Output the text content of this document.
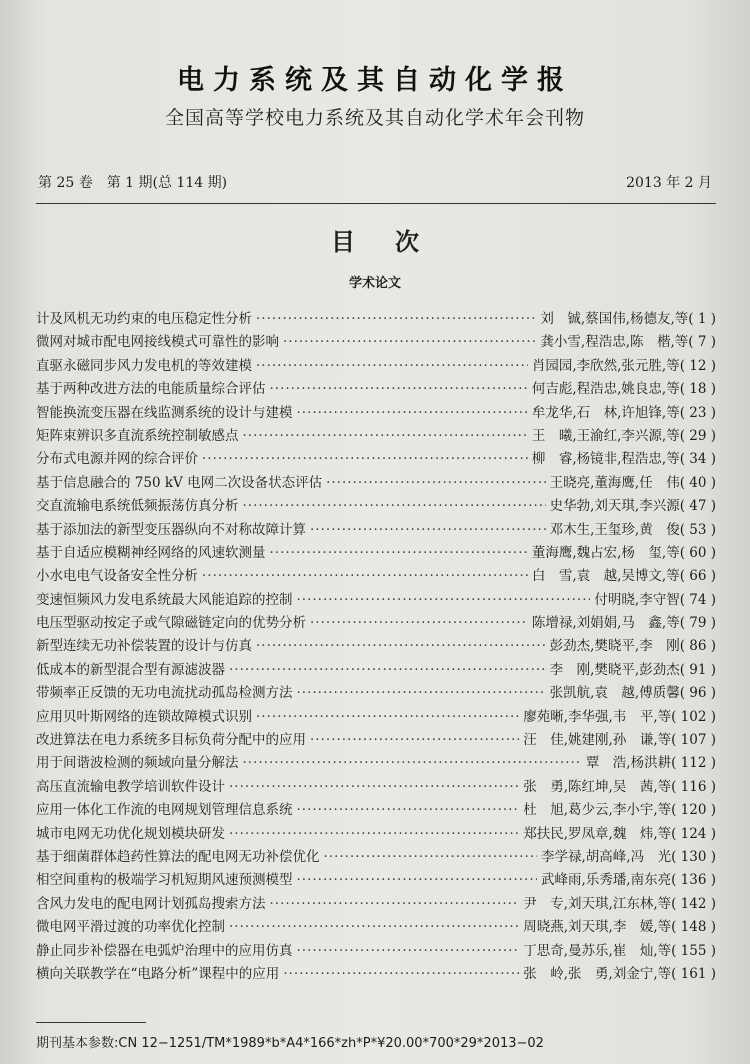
电力系统及其自动化学报
全国高等学校电力系统及其自动化学术年会刊物
第 25 卷　第 1 期(总 114 期)	2013 年 2 月
目次
学术论文
计及风机无功约束的电压稳定性分析 ·····	刘　铖,蔡国伟,杨德友,等 ( 1 )
微网对城市配电网接线模式可靠性的影响 ·····	龚小雪,程浩忠,陈　楷,等 ( 7 )
直驱永磁同步风力发电机的等效建模 ·····	肖园园,李欣然,张元胜,等 ( 12 )
基于两种改进方法的电能质量综合评估 ·····	何吉彪,程浩忠,姚良忠,等 ( 18 )
智能换流变压器在线监测系统的设计与建模 ·····	牟龙华,石　林,许旭锋,等 ( 23 )
矩阵束辨识多直流系统控制敏感点 ·····	王　曦,王渝红,李兴源,等 ( 29 )
分布式电源并网的综合评价 ·····	柳　睿,杨镜非,程浩忠,等 ( 34 )
基于信息融合的 750 kV 电网二次设备状态评估 ·····	王晓亮,董海鹰,任　伟 ( 40 )
交直流输电系统低频振荡仿真分析 ·····	史华勃,刘天琪,李兴源 ( 47 )
基于添加法的新型变压器纵向不对称故障计算 ·····	邓木生,王玺珍,黄　俊 ( 53 )
基于自适应模糊神经网络的风速软测量 ·····	董海鹰,魏占宏,杨　玺,等 ( 60 )
小水电电气设备安全性分析 ·····	白　雪,袁　越,吴博文,等 ( 66 )
变速恒频风力发电系统最大风能追踪的控制 ·····	付明晓,李守智 ( 74 )
电压型驱动按定子或气隙磁链定向的优势分析 ·····	陈增禄,刘娟娟,马　鑫,等 ( 79 )
新型连续无功补偿装置的设计与仿真 ·····	彭劲杰,樊晓平,李　刚 ( 86 )
低成本的新型混合型有源滤波器 ·····	李　刚,樊晓平,彭劲杰 ( 91 )
带频率正反馈的无功电流扰动孤岛检测方法 ·····	张凯航,袁　越,傅质馨 ( 96 )
应用贝叶斯网络的连锁故障模式识别 ·····	廖苑晰,李华强,韦　平,等 ( 102 )
改进算法在电力系统多目标负荷分配中的应用 ·····	汪　佳,姚建刚,孙　谦,等 ( 107 )
用于间谐波检测的频域向量分解法 ·····	覃　浩,杨洪耕 ( 112 )
高压直流输电教学培训软件设计 ·····	张　勇,陈红坤,吴　茜,等 ( 116 )
应用一体化工作流的电网规划管理信息系统 ·····	杜　旭,葛少云,李小宇,等 ( 120 )
城市电网无功优化规划模块研发 ·····	郑扶民,罗凤章,魏　炜,等 ( 124 )
基于细菌群体趋药性算法的配电网无功补偿优化 ·····	李学禄,胡高峰,冯　光 ( 130 )
相空间重构的极端学习机短期风速预测模型 ·····	武峰雨,乐秀璠,南东亮 ( 136 )
含风力发电的配电网计划孤岛搜索方法 ·····	尹　专,刘天琪,江东林,等 ( 142 )
微电网平滑过渡的功率优化控制 ·····	周晓燕,刘天琪,李　媛,等 ( 148 )
静止同步补偿器在电弧炉治理中的应用仿真 ·····	丁思奇,曼苏乐,崔　灿,等 ( 155 )
横向关联教学在“电路分析”课程中的应用 ·····	张　岭,张　勇,刘金宁,等 ( 161 )
期刊基本参数:CN 12−1251/TM*1989*b*A4*166*zh*P*¥20.00*700*29*2013−02
